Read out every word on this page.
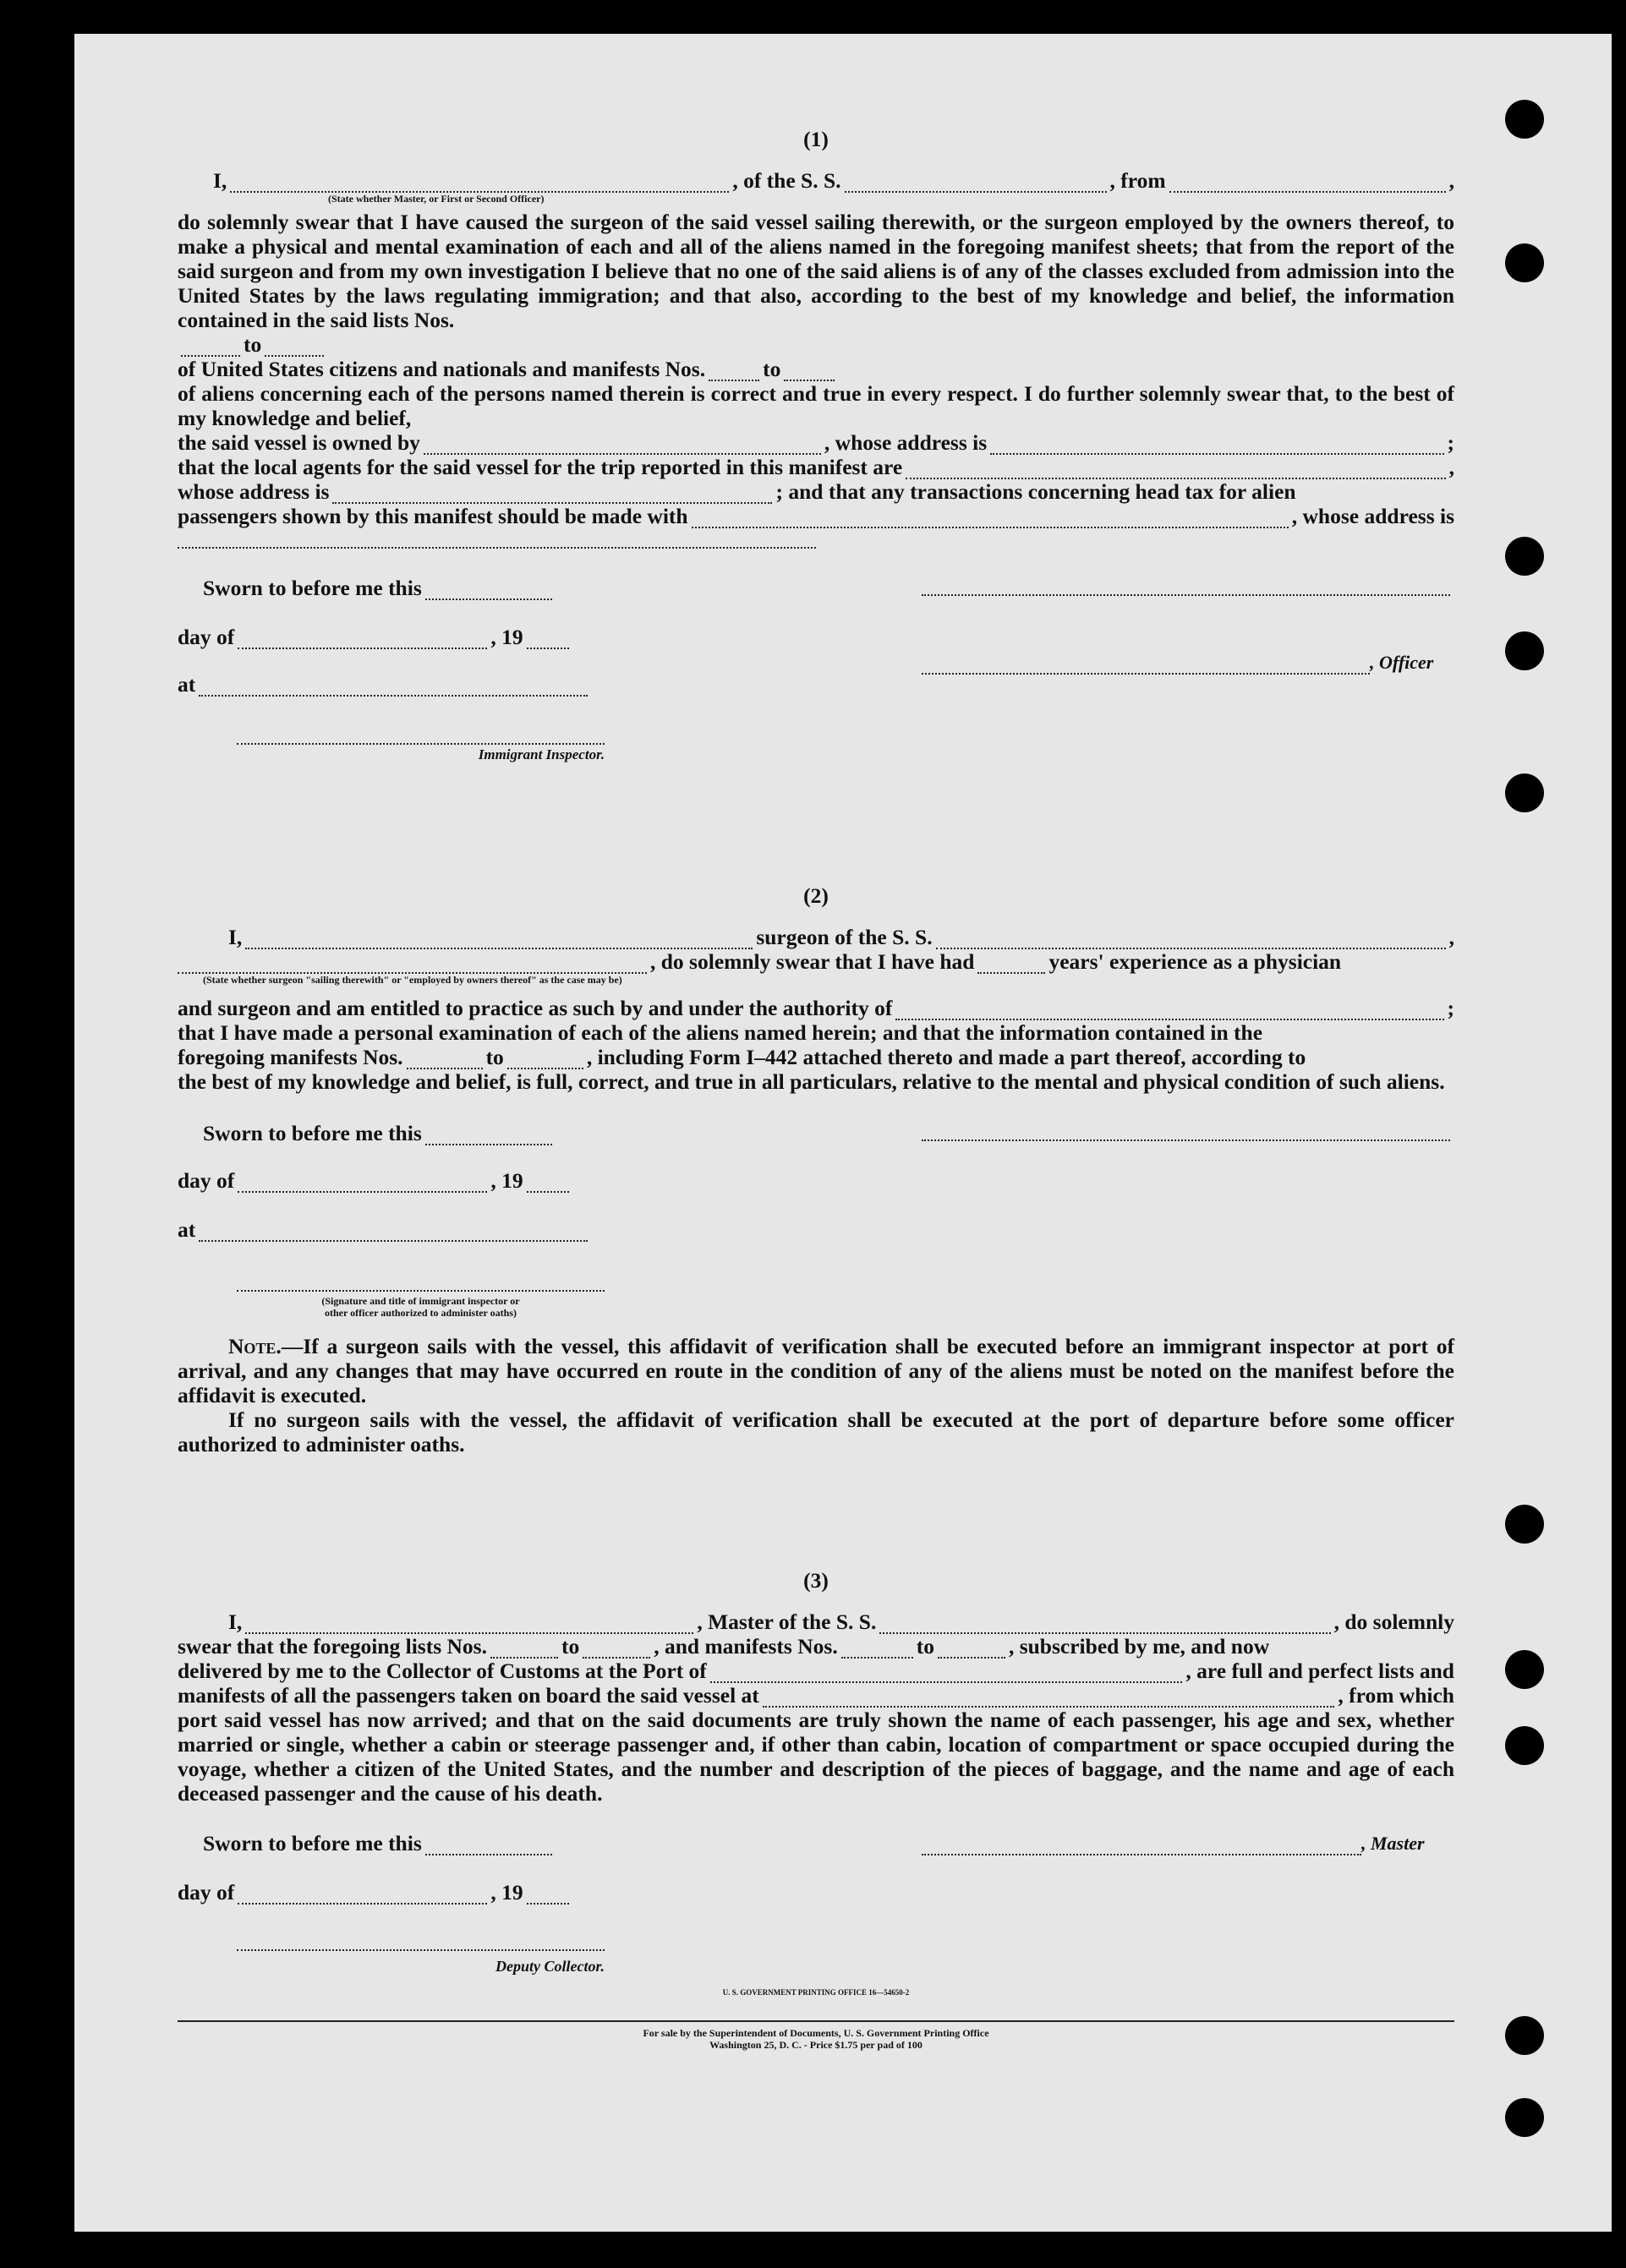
(1)
I,	, of the S. S.	, from	,
(State whether Master, or First or Second Officer)
do solemnly swear that I have caused the surgeon of the said vessel sailing therewith, or the surgeon employed by the owners thereof, to make a physical and mental examination of each and all of the aliens named in the foregoing manifest sheets; that from the report of the said surgeon and from my own investigation I believe that no one of the said aliens is of any of the classes excluded from admission into the United States by the laws regulating immigration; and that also, according to the best of my knowledge and belief, the information contained in the said lists Nos.
to
of United States citizens and nationals and manifests Nos.	to
of aliens concerning each of the persons named therein is correct and true in every respect. I do further solemnly swear that, to the best of my knowledge and belief,
the said vessel is owned by	, whose address is	;
that the local agents for the said vessel for the trip reported in this manifest are	,
whose address is	; and that any transactions concerning head tax for alien
passengers shown by this manifest should be made with	, whose address is
Sworn to before me this
day of	, 19
at
Immigrant Inspector.
, Officer
(2)
I,	surgeon of the S. S.	,
, do solemnly swear that I have had	years' experience as a physician
(State whether surgeon "sailing therewith" or "employed by owners thereof" as the case may be)
and surgeon and am entitled to practice as such by and under the authority of	;
that I have made a personal examination of each of the aliens named herein; and that the information contained in the
foregoing manifests Nos.	to	, including Form I–442 attached thereto and made a part thereof, according to
the best of my knowledge and belief, is full, correct, and true in all particulars, relative to the mental and physical condition of such aliens.
Sworn to before me this
day of	, 19
at
(Signature and title of immigrant inspector or
other officer authorized to administer oaths)
Note.—If a surgeon sails with the vessel, this affidavit of verification shall be executed before an immigrant inspector at port of arrival, and any changes that may have occurred en route in the condition of any of the aliens must be noted on the manifest before the affidavit is executed.
If no surgeon sails with the vessel, the affidavit of verification shall be executed at the port of departure before some officer authorized to administer oaths.
(3)
I,	, Master of the S. S.	, do solemnly
swear that the foregoing lists Nos.	to	, and manifests Nos.	to	, subscribed by me, and now
delivered by me to the Collector of Customs at the Port of	, are full and perfect lists and
manifests of all the passengers taken on board the said vessel at	, from which
port said vessel has now arrived; and that on the said documents are truly shown the name of each passenger, his age and sex, whether married or single, whether a cabin or steerage passenger and, if other than cabin, location of compartment or space occupied during the voyage, whether a citizen of the United States, and the number and description of the pieces of baggage, and the name and age of each deceased passenger and the cause of his death.
Sworn to before me this	, Master
day of	, 19
Deputy Collector.
U. S. GOVERNMENT PRINTING OFFICE 16—54650-2
For sale by the Superintendent of Documents, U. S. Government Printing Office
Washington 25, D. C. - Price $1.75 per pad of 100
